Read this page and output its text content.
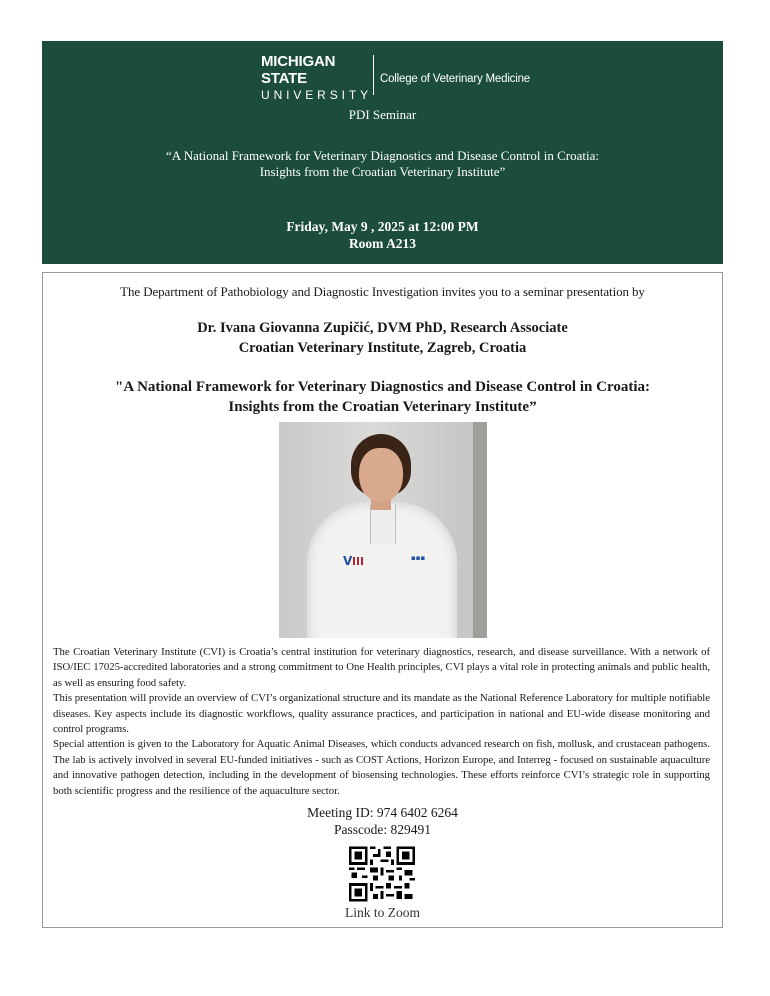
MICHIGAN STATE
UNIVERSITY
College of Veterinary Medicine
PDI Seminar
“A National Framework for Veterinary Diagnostics and Disease Control in Croatia:
Insights from the Croatian Veterinary Institute”
Friday, May 9 , 2025 at 12:00 PM
Room A213
The Department of Pathobiology and Diagnostic Investigation invites you to a seminar presentation by
Dr. Ivana Giovanna Zupičić, DVM PhD, Research Associate
Croatian Veterinary Institute, Zagreb, Croatia
"A National Framework for Veterinary Diagnostics and Disease Control in Croatia:
Insights from the Croatian Veterinary Institute”
V	▪▪▪

The Croatian Veterinary Institute (CVI) is Croatia’s central institution for veterinary diagnostics, research, and disease surveillance. With a network of ISO/IEC 17025-accredited laboratories and a strong commitment to One Health principles, CVI plays a vital role in protecting animals and public health, as well as ensuring food safety.

This presentation will provide an overview of CVI’s organizational structure and its mandate as the National Reference Laboratory for multiple notifiable diseases. Key aspects include its diagnostic workflows, quality assurance practices, and participation in national and EU-wide disease monitoring and control programs.

Special attention is given to the Laboratory for Aquatic Animal Diseases, which conducts advanced research on fish, mollusk, and crustacean pathogens. The lab is actively involved in several EU-funded initiatives - such as COST Actions, Horizon Europe, and Interreg - focused on sustainable aquaculture and innovative pathogen detection, including in the development of biosensing technologies. These efforts reinforce CVI’s strategic role in supporting both scientific progress and the resilience of the aquaculture sector.

Meeting ID: 974 6402 6264
Passcode: 829491
Link to Zoom
